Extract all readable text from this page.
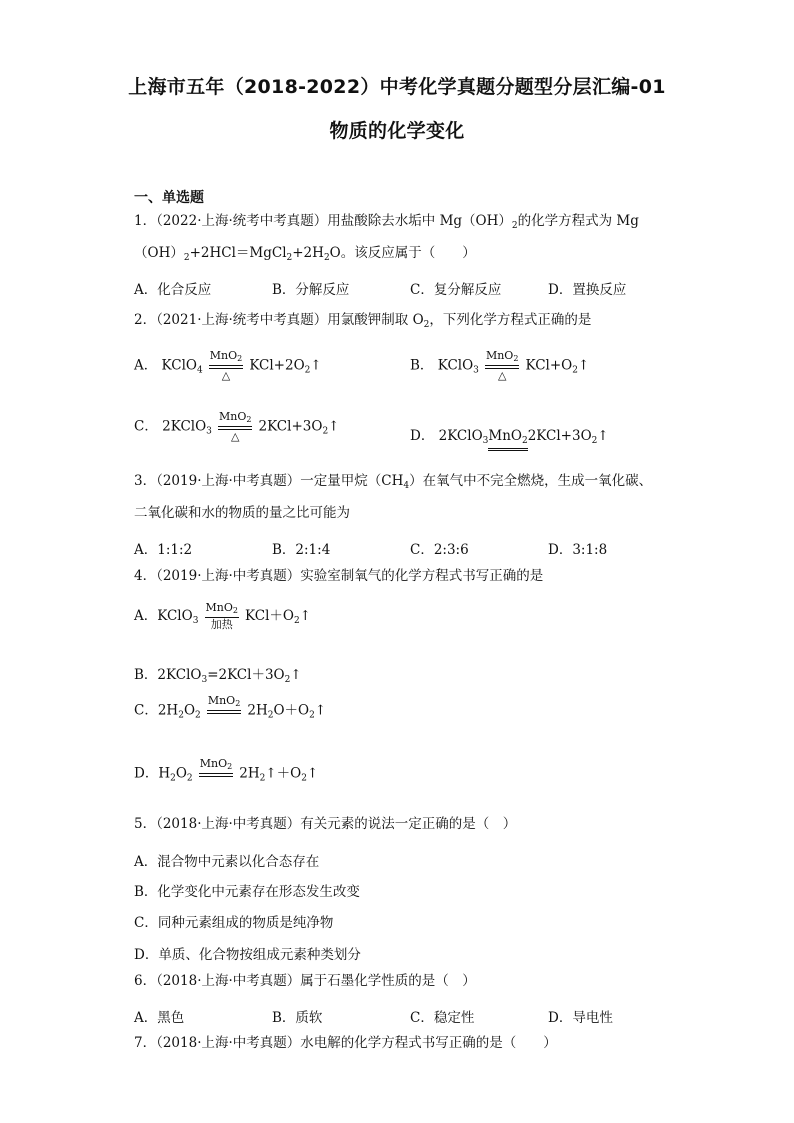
上海市五年（2018-2022）中考化学真题分题型分层汇编-01
物质的化学变化
一、单选题
1．（2022·上海·统考中考真题）用盐酸除去水垢中 $Mg(OH)_2$的化学方程式为 Mg
$(OH)_2+2HCl=MgCl_2+2H_2O$。该反应属于（　　）
A．化合反应	B．分解反应	C．复分解反应	D．置换反应
2．（2021·上海·统考中考真题）用氯酸钾制取 $O_2$，下列化学方程式正确的是
A． KClO$_4$ $\frac{MnO_2}{\triangle}$ $KCl+2O_2↑$	B． KClO$_3$ $\frac{MnO_2}{\triangle}$ $KCl+O_2↑$
C． 2KClO$_3$ $\frac{MnO_2}{\triangle}$ $2KCl+3O_2↑$
D． $2KClO_3MnO_22KCl+3O_2↑$
3．（2019·上海·中考真题）一定量甲烷$(CH_4)$在氧气中不完全燃烧，生成一氧化碳、
二氧化碳和水的物质的量之比可能为
A．1:1:2	B．2:1:4	C．2:3:6	D．3:1:8
4．（2019·上海·中考真题）实验室制氧气的化学方程式书写正确的是
A．KClO$_3$ $\frac{MnO_2}{\text{加热}}$ $KCl+O_2↑$
B．$2KClO_3=2KCl+3O_2↑$
C．$2H_2O_2$
MnO$_2$ $2H_2O+O_2↑$
D．$H_2O_2$
MnO$_2$ $2H_2↑+O_2↑$
5．（2018·上海·中考真题）有关元素的说法一定正确的是（　）
A．混合物中元素以化合态存在
B．化学变化中元素存在形态发生改变
C．同种元素组成的物质是纯净物
D．单质、化合物按组成元素种类划分
6．（2018·上海·中考真题）属于石墨化学性质的是（　）
A．黑色	B．质软	C．稳定性	D．导电性
7．（2018·上海·中考真题）水电解的化学方程式书写正确的是（　　）
